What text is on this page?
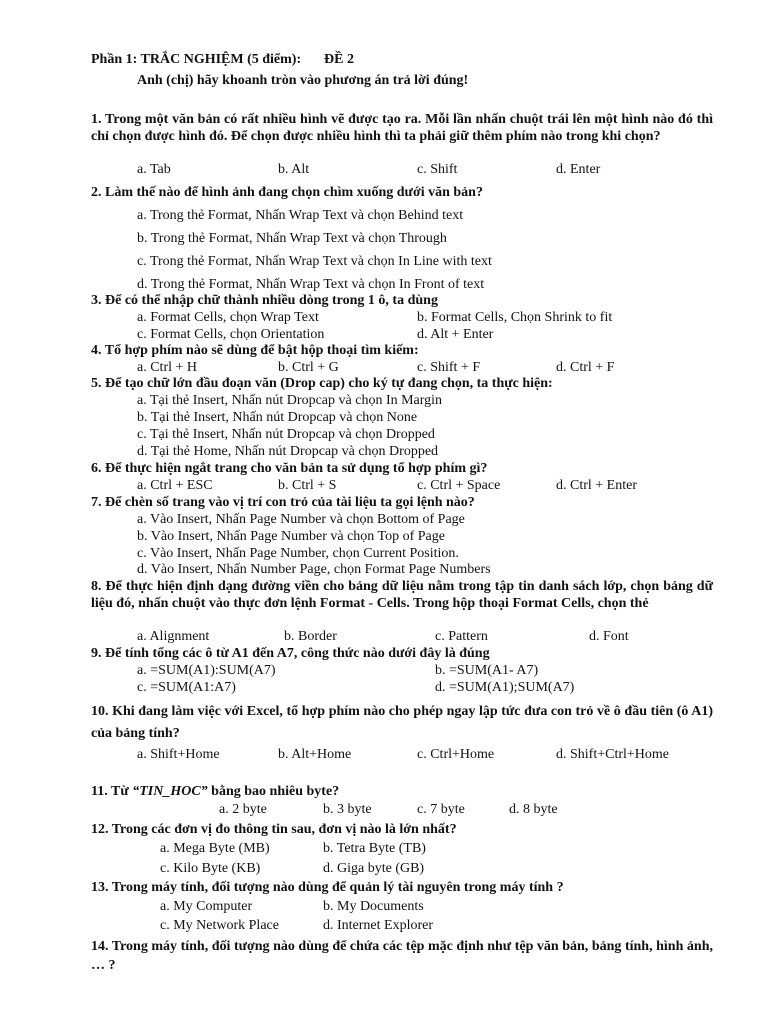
Phần 1: TRẮC NGHIỆM (5 điểm): ĐỀ 2
Anh (chị) hãy khoanh tròn vào phương án trả lời đúng!
1. Trong một văn bản có rất nhiều hình vẽ được tạo ra. Mỗi lần nhấn chuột trái lên một hình nào đó thì chỉ chọn được hình đó. Để chọn được nhiều hình thì ta phải giữ thêm phím nào trong khi chọn?
a. Tab	b. Alt	c. Shift	d. Enter
2. Làm thế nào để hình ảnh đang chọn chìm xuống dưới văn bản?
a. Trong thẻ Format, Nhấn Wrap Text và chọn Behind text
b. Trong thẻ Format, Nhấn Wrap Text và chọn Through
c. Trong thẻ Format, Nhấn Wrap Text và chọn In Line with text
d. Trong thẻ Format, Nhấn Wrap Text và chọn In Front of text
3. Để có thể nhập chữ thành nhiều dòng trong 1 ô, ta dùng
a. Format Cells, chọn Wrap Text	b. Format Cells, Chọn Shrink to fit
c. Format Cells, chọn Orientation	d. Alt + Enter
4. Tổ hợp phím nào sẽ dùng để bật hộp thoại tìm kiếm:
a. Ctrl + H	b. Ctrl + G	c. Shift + F	d. Ctrl + F
5. Để tạo chữ lớn đầu đoạn văn (Drop cap) cho ký tự đang chọn, ta thực hiện:
a. Tại thẻ Insert, Nhấn nút Dropcap và chọn In Margin
b. Tại thẻ Insert, Nhấn nút Dropcap và chọn None
c. Tại thẻ Insert, Nhấn nút Dropcap và chọn Dropped
d. Tại thẻ Home, Nhấn nút Dropcap và chọn Dropped
6. Để thực hiện ngắt trang cho văn bản ta sử dụng tổ hợp phím gì?
a. Ctrl + ESC	b. Ctrl + S	c. Ctrl + Space	d. Ctrl + Enter
7. Để chèn số trang vào vị trí con trỏ của tài liệu ta gọi lệnh nào?
a. Vào Insert, Nhấn Page Number và chọn Bottom of Page
b. Vào Insert, Nhấn Page Number và chọn Top of Page
c. Vào Insert, Nhấn Page Number, chọn Current Position.
d. Vào Insert, Nhấn Number Page, chọn Format Page Numbers
8. Để thực hiện định dạng đường viền cho bảng dữ liệu nằm trong tập tin danh sách lớp, chọn bảng dữ liệu đó, nhấn chuột vào thực đơn lệnh Format - Cells. Trong hộp thoại Format Cells, chọn thẻ
a. Alignment	b. Border	c. Pattern	d. Font
9. Để tính tổng các ô từ A1 đến A7, công thức nào dưới đây là đúng
a. =SUM(A1):SUM(A7)	b. =SUM(A1- A7)
c. =SUM(A1:A7)	d. =SUM(A1);SUM(A7)
10. Khi đang làm việc với Excel, tổ hợp phím nào cho phép ngay lập tức đưa con trỏ về ô đầu tiên (ô A1) của bảng tính?
a. Shift+Home	b. Alt+Home	c. Ctrl+Home	d. Shift+Ctrl+Home
11. Từ “TIN_HOC” bằng bao nhiêu byte?
a. 2 byte	b. 3 byte	c. 7 byte	d. 8 byte
12. Trong các đơn vị đo thông tin sau, đơn vị nào là lớn nhất?
a. Mega Byte (MB)	b. Tetra Byte (TB)
c. Kilo Byte (KB)	d. Giga byte (GB)
13. Trong máy tính, đối tượng nào dùng để quản lý tài nguyên trong máy tính ?
a. My Computer	b. My Documents
c. My Network Place	d. Internet Explorer
14. Trong máy tính, đối tượng nào dùng để chứa các tệp mặc định như tệp văn bản, bảng tính, hình ảnh, … ?
